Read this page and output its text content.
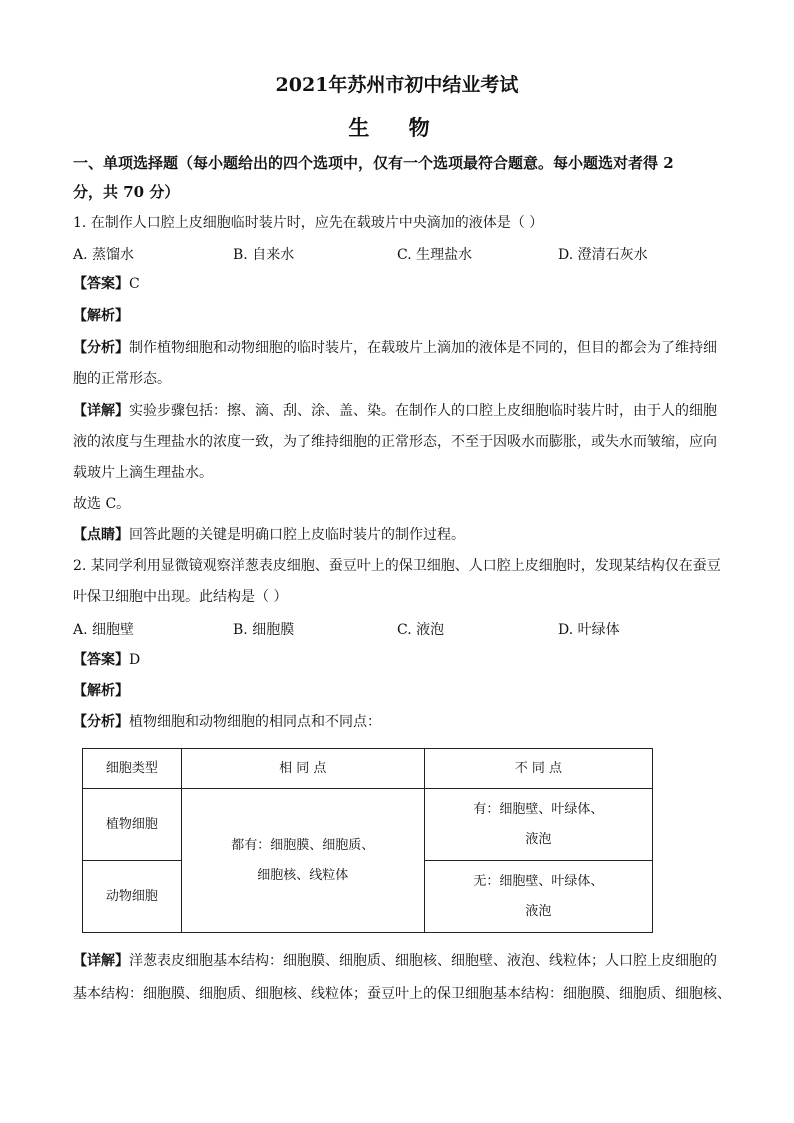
2021年苏州市初中结业考试
生 物
一、单项选择题（每小题给出的四个选项中，仅有一个选项最符合题意。每小题选对者得 2
分，共 70 分）
1. 在制作人口腔上皮细胞临时装片时，应先在载玻片中央滴加的液体是（ ）
A. 蒸馏水	B. 自来水	C. 生理盐水	D. 澄清石灰水
【答案】C
【解析】
【分析】制作植物细胞和动物细胞的临时装片，在载玻片上滴加的液体是不同的，但目的都会为了维持细
胞的正常形态。
【详解】实验步骤包括：擦、滴、刮、涂、盖、染。在制作人的口腔上皮细胞临时装片时，由于人的细胞
液的浓度与生理盐水的浓度一致，为了维持细胞的正常形态，不至于因吸水而膨胀，或失水而皱缩，应向
载玻片上滴生理盐水。
故选 C。
【点睛】回答此题的关键是明确口腔上皮临时装片的制作过程。
2. 某同学利用显微镜观察洋葱表皮细胞、蚕豆叶上的保卫细胞、人口腔上皮细胞时，发现某结构仅在蚕豆
叶保卫细胞中出现。此结构是（ ）
A. 细胞壁	B. 细胞膜	C. 液泡	D. 叶绿体
【答案】D
【解析】
【分析】植物细胞和动物细胞的相同点和不同点：
细胞类型	相 同 点	不 同 点
植物细胞	都有：细胞膜、细胞质、
细胞核、线粒体	有：细胞壁、叶绿体、
液泡

动物细胞		无：细胞壁、叶绿体、
液泡
【详解】洋葱表皮细胞基本结构：细胞膜、细胞质、细胞核、细胞壁、液泡、线粒体；人口腔上皮细胞的
基本结构：细胞膜、细胞质、细胞核、线粒体；蚕豆叶上的保卫细胞基本结构：细胞膜、细胞质、细胞核、
